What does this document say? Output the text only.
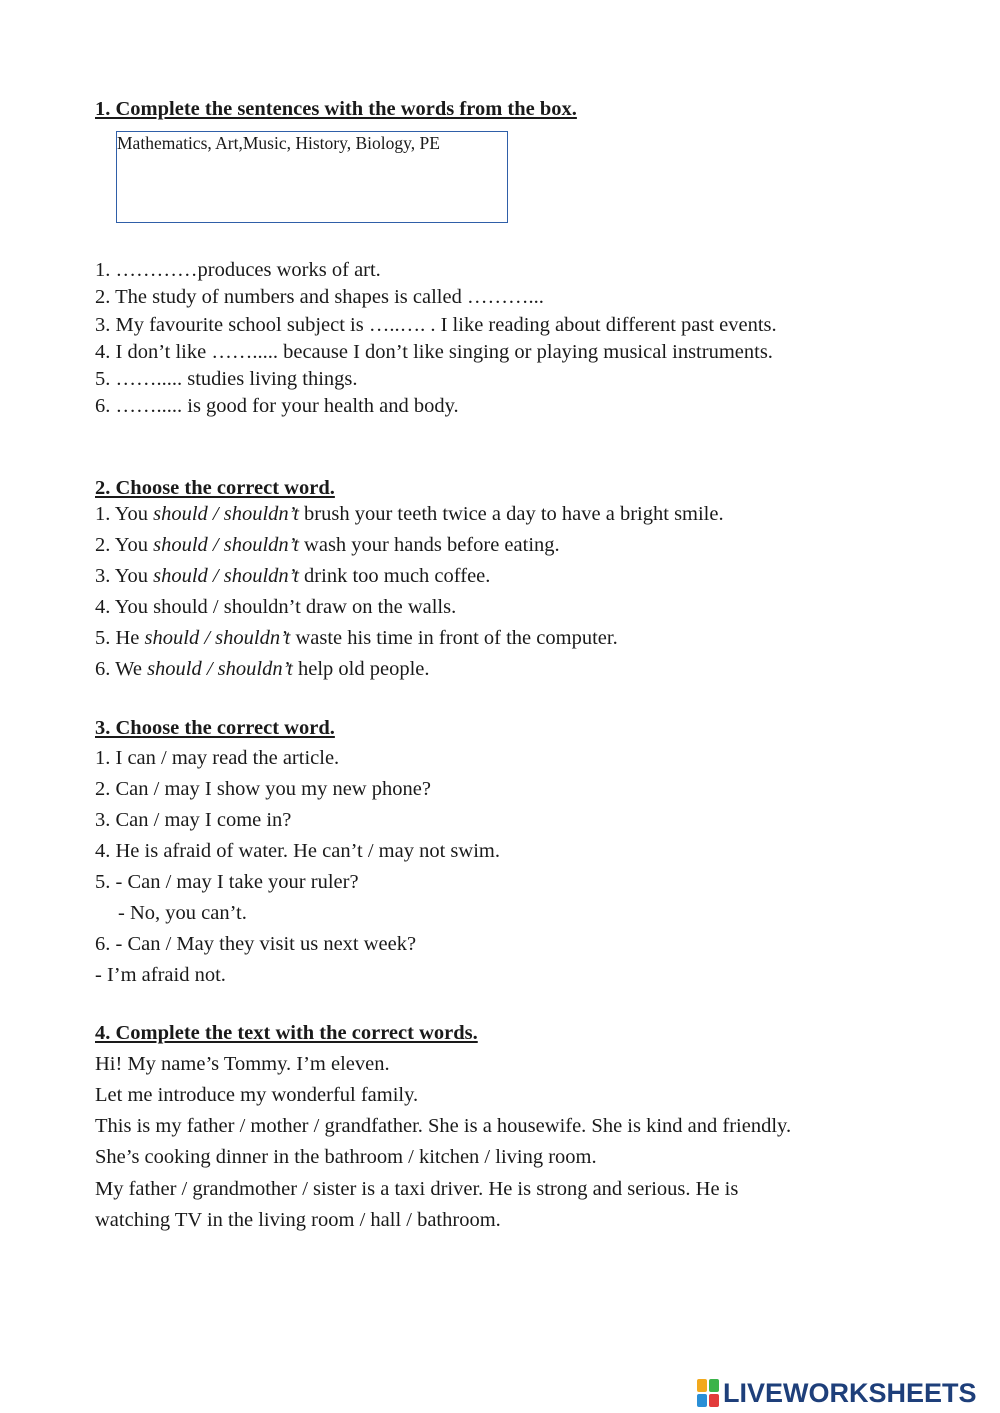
1. Complete the sentences with the words from the box.
Mathematics, Art,Music, History, Biology, PE
1. …………produces works of art.
2. The study of numbers and shapes is called ………...
3. My favourite school subject is …..…. . I like reading about different past events.
4. I don’t like ……..... because I don’t like singing or playing musical instruments.
5. ……..... studies living things.
6. ……..... is good for your health and body.
2. Choose the correct word.
1. You should / shouldn’t brush your teeth twice a day to have a bright smile.
2. You should / shouldn’t wash your hands before eating.
3. You should / shouldn’t drink too much coffee.
4. You should / shouldn’t draw on the walls.
5. He should / shouldn’t waste his time in front of the computer.
6. We should / shouldn’t help old people.
3. Choose the correct word.
1. I can / may read the article.
2. Can / may I show you my new phone?
3. Can / may I come in?
4. He is afraid of water. He can’t / may not swim.
5. - Can / may I take your ruler?
- No, you can’t.
6. - Can / May they visit us next week?
- I’m afraid not.
4. Complete the text with the correct words.
Hi! My name’s Tommy. I’m eleven.
Let me introduce my wonderful family.
This is my father / mother / grandfather. She is a housewife. She is kind and friendly.
She’s cooking dinner in the bathroom / kitchen / living room.
My father / grandmother / sister is a taxi driver. He is strong and serious. He is
watching TV in the living room / hall / bathroom.
LIVEWORKSHEETS
